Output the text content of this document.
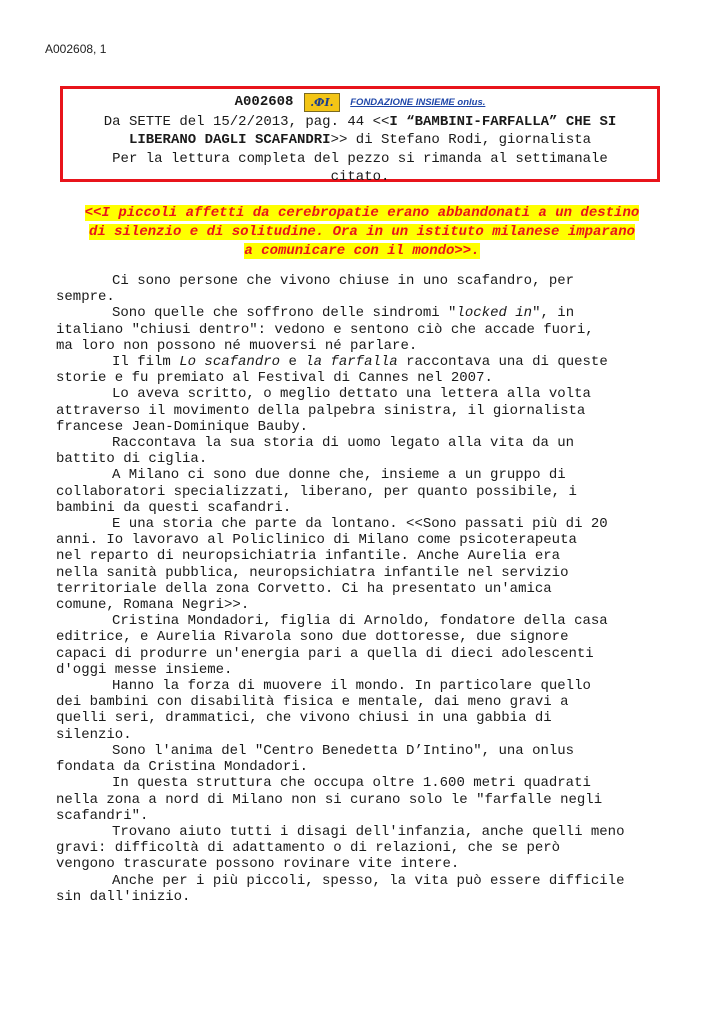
A002608, 1
A002608 .ФI. FONDAZIONE INSIEME onlus.
Da SETTE del 15/2/2013, pag. 44 <<I “BAMBINI-FARFALLA” CHE SI
LIBERANO DAGLI SCAFANDRI>> di Stefano Rodi, giornalista
Per la lettura completa del pezzo si rimanda al settimanale
citato.
<<I piccoli affetti da cerebropatie erano abbandonati a un destino
di silenzio e di solitudine. Ora in un istituto milanese imparano
a comunicare con il mondo>>.

Ci sono persone che vivono chiuse in uno scafandro, per

sempre.

Sono quelle che soffrono delle sindromi "locked in", in

italiano "chiusi dentro": vedono e sentono ciò che accade fuori,

ma loro non possono né muoversi né parlare.

Il film Lo scafandro e la farfalla raccontava una di queste

storie e fu premiato al Festival di Cannes nel 2007.

Lo aveva scritto, o meglio dettato una lettera alla volta

attraverso il movimento della palpebra sinistra, il giornalista

francese Jean-Dominique Bauby.

Raccontava la sua storia di uomo legato alla vita da un

battito di ciglia.

A Milano ci sono due donne che, insieme a un gruppo di

collaboratori specializzati, liberano, per quanto possibile, i

bambini da questi scafandri.

E una storia che parte da lontano. <<Sono passati più di 20

anni. Io lavoravo al Policlinico di Milano come psicoterapeuta

nel reparto di neuropsichiatria infantile. Anche Aurelia era

nella sanità pubblica, neuropsichiatra infantile nel servizio

territoriale della zona Corvetto. Ci ha presentato un'amica

comune, Romana Negri>>.

Cristina Mondadori, figlia di Arnoldo, fondatore della casa

editrice, e Aurelia Rivarola sono due dottoresse, due signore

capaci di produrre un'energia pari a quella di dieci adolescenti

d'oggi messe insieme.

Hanno la forza di muovere il mondo. In particolare quello

dei bambini con disabilità fisica e mentale, dai meno gravi a

quelli seri, drammatici, che vivono chiusi in una gabbia di

silenzio.

Sono l'anima del "Centro Benedetta D’Intino", una onlus

fondata da Cristina Mondadori.

In questa struttura che occupa oltre 1.600 metri quadrati

nella zona a nord di Milano non si curano solo le "farfalle negli

scafandri".

Trovano aiuto tutti i disagi dell'infanzia, anche quelli meno

gravi: difficoltà di adattamento o di relazioni, che se però

vengono trascurate possono rovinare vite intere.

Anche per i più piccoli, spesso, la vita può essere difficile

sin dall'inizio.
